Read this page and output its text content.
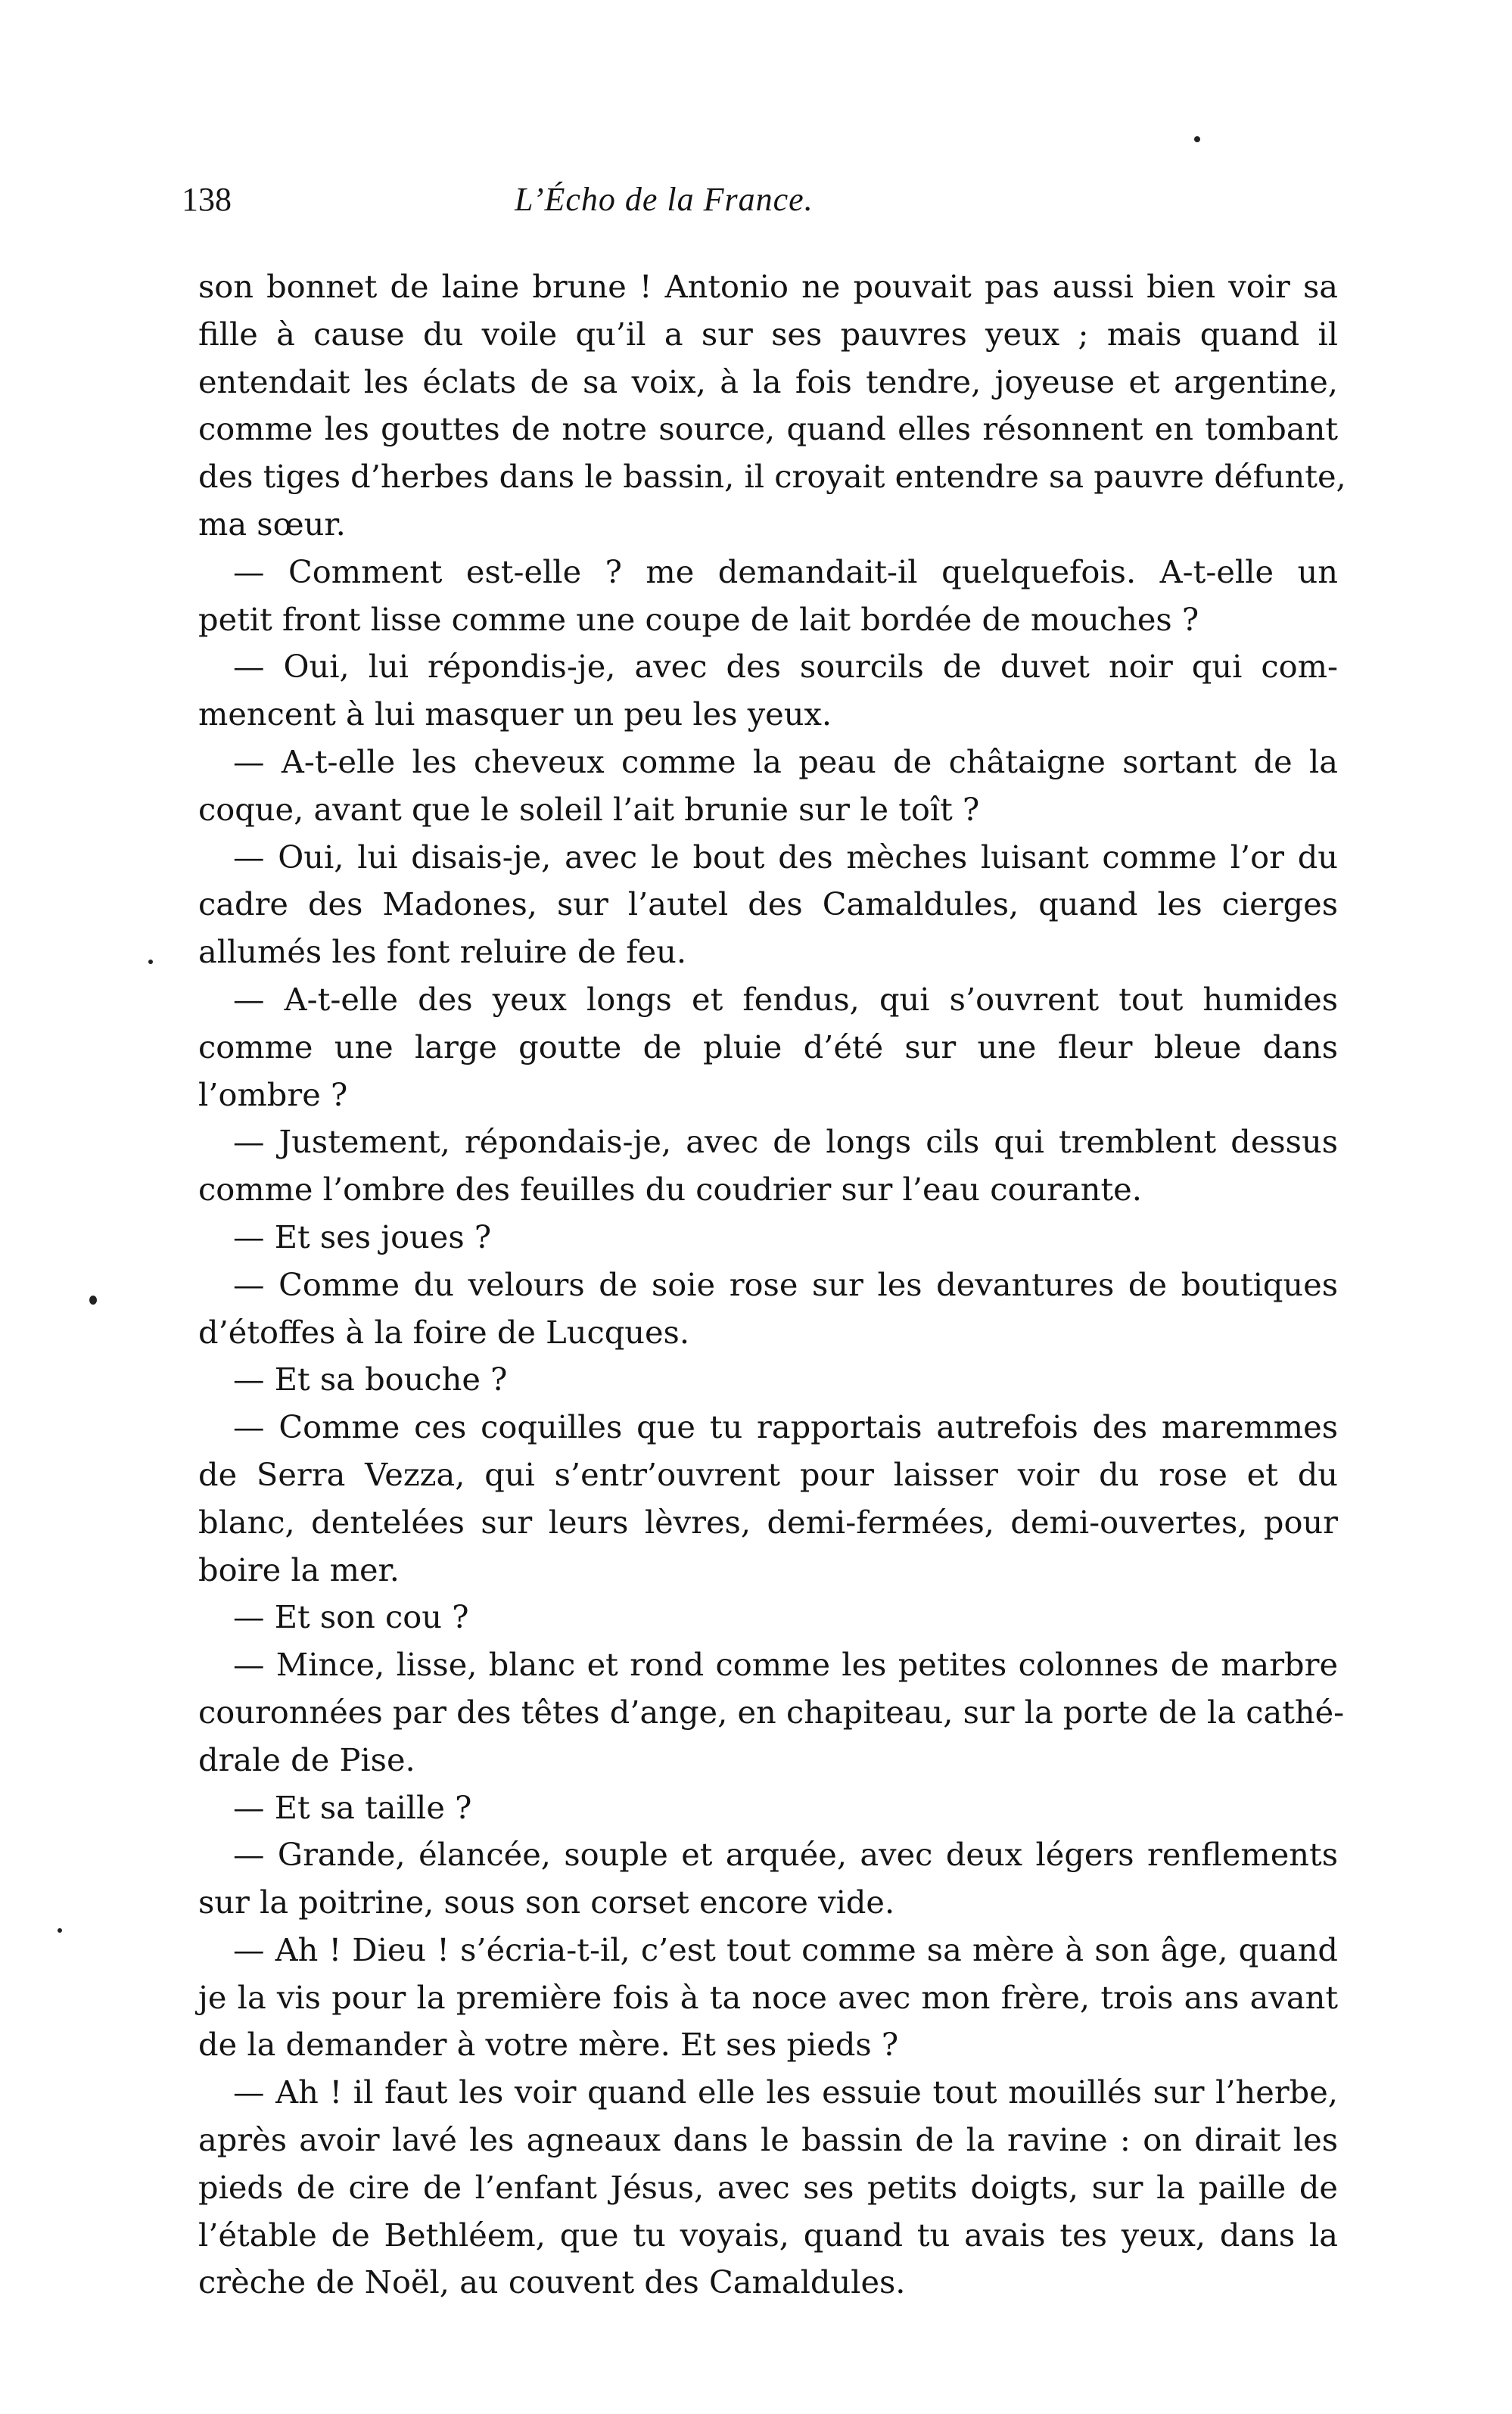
138	L’Écho de la France.
son bonnet de laine brune ! Antonio ne pouvait pas aussi bien voir sa
fille à cause du voile qu’il a sur ses pauvres yeux ; mais quand il
entendait les éclats de sa voix, à la fois tendre, joyeuse et argentine,
comme les gouttes de notre source, quand elles résonnent en tombant
des tiges d’herbes dans le bassin, il croyait entendre sa pauvre défunte,
ma sœur.
— Comment est-elle ? me demandait-il quelquefois. A-t-elle un
petit front lisse comme une coupe de lait bordée de mouches ?
— Oui, lui répondis-je, avec des sourcils de duvet noir qui com-
mencent à lui masquer un peu les yeux.
— A-t-elle les cheveux comme la peau de châtaigne sortant de la
coque, avant que le soleil l’ait brunie sur le toît ?
— Oui, lui disais-je, avec le bout des mèches luisant comme l’or du
cadre des Madones, sur l’autel des Camaldules, quand les cierges
allumés les font reluire de feu.
— A-t-elle des yeux longs et fendus, qui s’ouvrent tout humides
comme une large goutte de pluie d’été sur une fleur bleue dans
l’ombre ?
— Justement, répondais-je, avec de longs cils qui tremblent dessus
comme l’ombre des feuilles du coudrier sur l’eau courante.
— Et ses joues ?
— Comme du velours de soie rose sur les devantures de boutiques
d’étoffes à la foire de Lucques.
— Et sa bouche ?
— Comme ces coquilles que tu rapportais autrefois des maremmes
de Serra Vezza, qui s’entr’ouvrent pour laisser voir du rose et du
blanc, dentelées sur leurs lèvres, demi-fermées, demi-ouvertes, pour
boire la mer.
— Et son cou ?
— Mince, lisse, blanc et rond comme les petites colonnes de marbre
couronnées par des têtes d’ange, en chapiteau, sur la porte de la cathé-
drale de Pise.
— Et sa taille ?
— Grande, élancée, souple et arquée, avec deux légers renflements
sur la poitrine, sous son corset encore vide.
— Ah ! Dieu ! s’écria-t-il, c’est tout comme sa mère à son âge, quand
je la vis pour la première fois à ta noce avec mon frère, trois ans avant
de la demander à votre mère. Et ses pieds ?
— Ah ! il faut les voir quand elle les essuie tout mouillés sur l’herbe,
après avoir lavé les agneaux dans le bassin de la ravine : on dirait les
pieds de cire de l’enfant Jésus, avec ses petits doigts, sur la paille de
l’étable de Bethléem, que tu voyais, quand tu avais tes yeux, dans la
crèche de Noël, au couvent des Camaldules.
